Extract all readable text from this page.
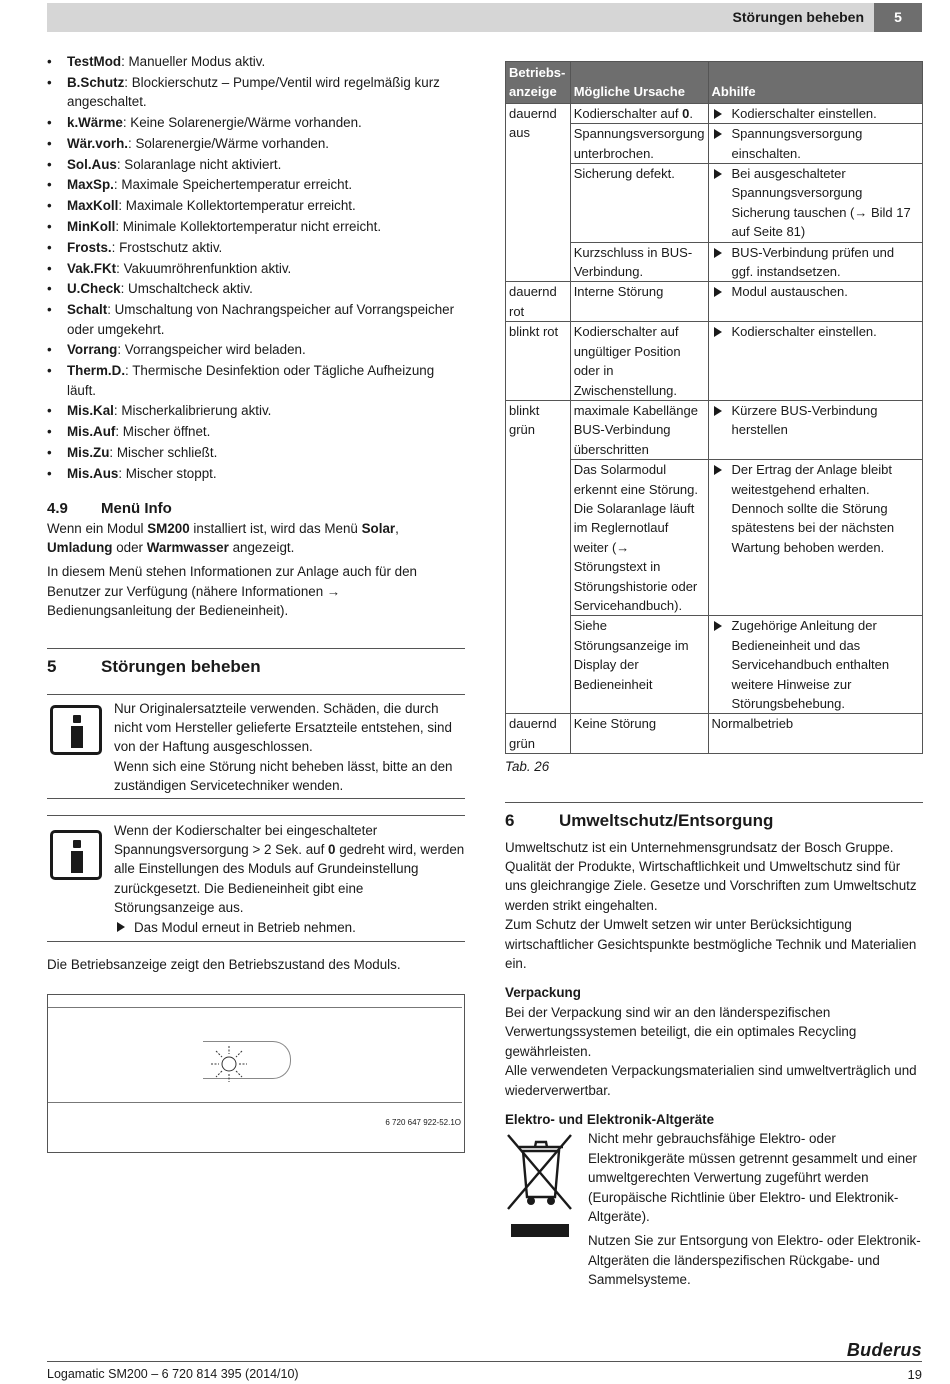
Störungen beheben	5
• TestMod: Manueller Modus aktiv.
• B.Schutz: Blockierschutz – Pumpe/Ventil wird regelmäßig kurz angeschaltet.
• k.Wärme: Keine Solarenergie/Wärme vorhanden.
• Wär.vorh.: Solarenergie/Wärme vorhanden.
• Sol.Aus: Solaranlage nicht aktiviert.
• MaxSp.: Maximale Speichertemperatur erreicht.
• MaxKoll: Maximale Kollektortemperatur erreicht.
• MinKoll: Minimale Kollektortemperatur nicht erreicht.
• Frosts.: Frostschutz aktiv.
• Vak.FKt: Vakuumröhrenfunktion aktiv.
• U.Check: Umschaltcheck aktiv.
• Schalt: Umschaltung von Nachrangspeicher auf Vorrangspeicher oder umgekehrt.
• Vorrang: Vorrangspeicher wird beladen.
• Therm.D.: Thermische Desinfektion oder Tägliche Aufheizung läuft.
• Mis.Kal: Mischerkalibrierung aktiv.
• Mis.Auf: Mischer öffnet.
• Mis.Zu: Mischer schließt.
• Mis.Aus: Mischer stoppt.
4.9 Menü Info

Wenn ein Modul SM200 installiert ist, wird das Menü Solar, Umladung oder Warmwasser angezeigt.

In diesem Menü stehen Informationen zur Anlage auch für den Benutzer zur Verfügung (nähere Informationen → Bedienungsanleitung der Bedieneinheit).

5	Störungen beheben

Nur Originalersatzteile verwenden. Schäden, die durch nicht vom Hersteller gelieferte Ersatzteile entstehen, sind von der Haftung ausgeschlossen.

Wenn sich eine Störung nicht beheben lässt, bitte an den zuständigen Servicetechniker wenden.

Wenn der Kodierschalter bei eingeschalteter Spannungsversorgung > 2 Sek. auf 0 gedreht wird, werden alle Einstellungen des Moduls auf Grundeinstellung zurückgesetzt. Die Bedieneinheit gibt eine Störungsanzeige aus.

Das Modul erneut in Betrieb nehmen.

Die Betriebsanzeige zeigt den Betriebszustand des Moduls.

6 720 647 922-52.1O
Betriebs-anzeige	Mögliche Ursache	Abhilfe
dauernd aus	Kodierschalter auf 0.	Kodierschalter einstellen.
	Spannungsversorgung unterbrochen.	Spannungsversorgung einschalten.
	Sicherung defekt.	Bei ausgeschalteter Spannungsversorgung Sicherung tauschen (→ Bild 17 auf Seite 81)
	Kurzschluss in BUS-Verbindung.	BUS-Verbindung prüfen und ggf. instandsetzen.
dauernd rot	Interne Störung	Modul austauschen.
blinkt rot	Kodierschalter auf ungültiger Position oder in Zwischenstellung.	Kodierschalter einstellen.
blinkt grün	maximale Kabellänge BUS-Verbindung überschritten	Kürzere BUS-Verbindung herstellen
	Das Solarmodul erkennt eine Störung. Die Solaranlage läuft im Reglernotlauf weiter (→ Störungstext in Störungshistorie oder Servicehandbuch).	Der Ertrag der Anlage bleibt weitestgehend erhalten. Dennoch sollte die Störung spätestens bei der nächsten Wartung behoben werden.
	Siehe Störungsanzeige im Display der Bedieneinheit	Zugehörige Anleitung der Bedieneinheit und das Servicehandbuch enthalten weitere Hinweise zur Störungsbehebung.
dauernd grün	Keine Störung	Normalbetrieb
Tab. 26
6	Umweltschutz/Entsorgung

Umweltschutz ist ein Unternehmensgrundsatz der Bosch Gruppe. Qualität der Produkte, Wirtschaftlichkeit und Umweltschutz sind für uns gleichrangige Ziele. Gesetze und Vorschriften zum Umweltschutz werden strikt eingehalten.

Zum Schutz der Umwelt setzen wir unter Berücksichtigung wirtschaftlicher Gesichtspunkte bestmögliche Technik und Materialien ein.

Verpackung

Bei der Verpackung sind wir an den länderspezifischen Verwertungssystemen beteiligt, die ein optimales Recycling gewährleisten.

Alle verwendeten Verpackungsmaterialien sind umweltverträglich und wiederverwertbar.

Elektro- und Elektronik-Altgeräte

Nicht mehr gebrauchsfähige Elektro- oder Elektronikgeräte müssen getrennt gesammelt und einer umweltgerechten Verwertung zugeführt werden (Europäische Richtlinie über Elektro- und Elektronik-Altgeräte).

Nutzen Sie zur Entsorgung von Elektro- oder Elektronik-Altgeräten die länderspezifischen Rückgabe- und Sammelsysteme.

Buderus
Logamatic SM200 – 6 720 814 395 (2014/10)	19
